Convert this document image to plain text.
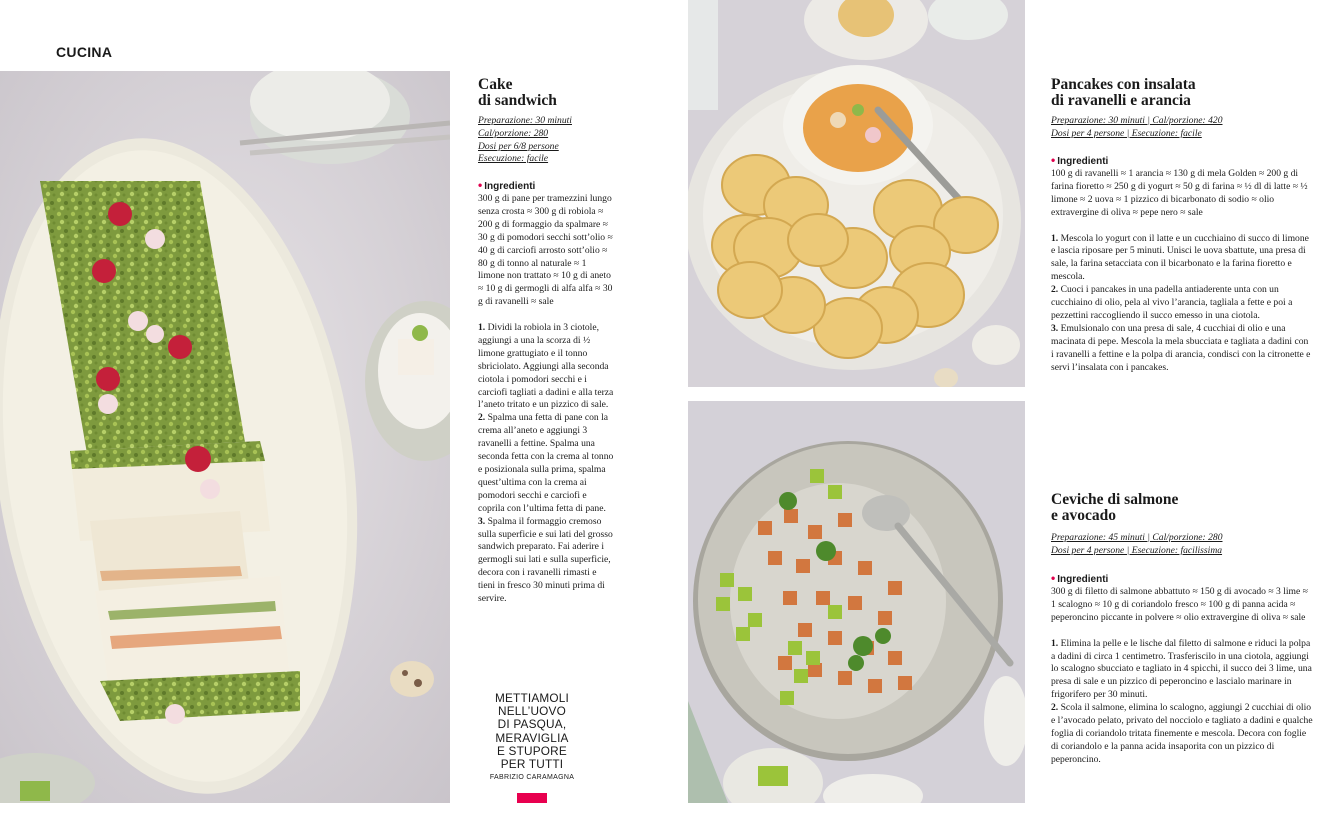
CUCINA
Cake
di sandwich
Preparazione: 30 minuti
Cal/porzione: 280
Dosi per 6/8 persone
Esecuzione: facile
• Ingredienti

300 g di pane per tramezzini lungo senza crosta ≈ 300 g di robiola ≈ 200 g di formaggio da spalmare ≈ 30 g di pomodori secchi sott’olio ≈ 40 g di carciofi arrosto sott’olio ≈ 80 g di tonno al naturale ≈ 1 limone non trattato ≈ 10 g di aneto ≈ 10 g di germogli di alfa alfa ≈ 30 g di ravanelli ≈ sale

1. Dividi la robiola in 3 ciotole, aggiungi a una la scorza di ½ limone grattugiato e il tonno sbriciolato. Aggiungi alla seconda ciotola i pomodori secchi e i carciofi tagliati a dadini e alla terza l’aneto tritato e un pizzico di sale.

2. Spalma una fetta di pane con la crema all’aneto e aggiungi 3 ravanelli a fettine. Spalma una seconda fetta con la crema al tonno e posizionala sulla prima, spalma quest’ultima con la crema ai pomodori secchi e carciofi e coprila con l’ultima fetta di pane.

3. Spalma il formaggio cremoso sulla superficie e sui lati del grosso sandwich preparato. Fai aderire i germogli sui lati e sulla superficie, decora con i ravanelli rimasti e tieni in fresco 30 minuti prima di servire.

METTIAMOLI
NELL’UOVO
DI PASQUA,
MERAVIGLIA
E STUPORE
PER TUTTI
FABRIZIO CARAMAGNA
Pancakes con insalata
di ravanelli e arancia
Preparazione: 30 minuti | Cal/porzione: 420
Dosi per 4 persone | Esecuzione: facile
• Ingredienti

100 g di ravanelli ≈ 1 arancia ≈ 130 g di mela Golden ≈ 200 g di farina fioretto ≈ 250 g di yogurt ≈ 50 g di farina ≈ ½ dl di latte ≈ ½ limone ≈ 2 uova ≈ 1 pizzico di bicarbonato di sodio ≈ olio extravergine di oliva ≈ pepe nero ≈ sale

1. Mescola lo yogurt con il latte e un cucchiaino di succo di limone e lascia riposare per 5 minuti. Unisci le uova sbattute, una presa di sale, la farina setacciata con il bicarbonato e la farina fioretto e mescola.

2. Cuoci i pancakes in una padella antiaderente unta con un cucchiaino di olio, pela al vivo l’arancia, tagliala a fette e poi a pezzettini raccogliendo il succo emesso in una ciotola.

3. Emulsionalo con una presa di sale, 4 cucchiai di olio e una macinata di pepe. Mescola la mela sbucciata e tagliata a dadini con i ravanelli a fettine e la polpa di arancia, condisci con la citronette e servi l’insalata con i pancakes.

Ceviche di salmone
e avocado
Preparazione: 45 minuti | Cal/porzione: 280
Dosi per 4 persone | Esecuzione: facilissima
• Ingredienti

300 g di filetto di salmone abbattuto ≈ 150 g di avocado ≈ 3 lime ≈ 1 scalogno ≈ 10 g di coriandolo fresco ≈ 100 g di panna acida ≈ peperoncino piccante in polvere ≈ olio extravergine di oliva ≈ sale

1. Elimina la pelle e le lische dal filetto di salmone e riduci la polpa a dadini di circa 1 centimetro. Trasferiscilo in una ciotola, aggiungi lo scalogno sbucciato e tagliato in 4 spicchi, il succo dei 3 lime, una presa di sale e un pizzico di peperoncino e lascialo marinare in frigorifero per 30 minuti.

2. Scola il salmone, elimina lo scalogno, aggiungi 2 cucchiai di olio e l’avocado pelato, privato del nocciolo e tagliato a dadini e qualche foglia di coriandolo tritata finemente e mescola. Decora con foglie di coriandolo e la panna acida insaporita con un pizzico di peperoncino.
